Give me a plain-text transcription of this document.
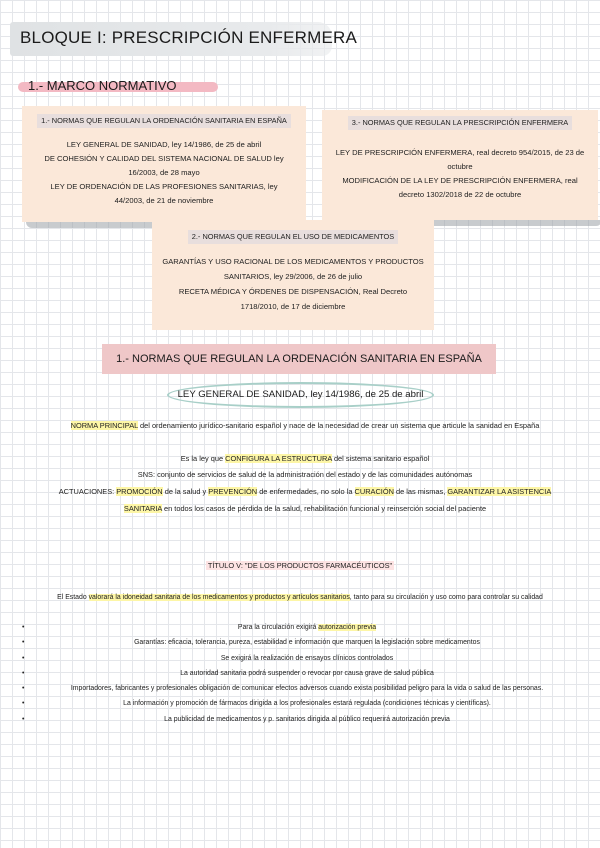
BLOQUE I: PRESCRIPCIÓN ENFERMERA
1.- MARCO NORMATIVO
1.- NORMAS QUE REGULAN LA ORDENACIÓN SANITARIA EN ESPAÑA
LEY GENERAL DE SANIDAD, ley 14/1986, de 25 de abril
DE COHESIÓN Y CALIDAD DEL SISTEMA NACIONAL DE SALUD ley 16/2003, de 28 mayo
LEY DE ORDENACIÓN DE LAS PROFESIONES SANITARIAS, ley 44/2003, de 21 de noviembre
3.- NORMAS QUE REGULAN LA PRESCRIPCIÓN ENFERMERA
LEY DE PRESCRIPCIÓN ENFERMERA, real decreto 954/2015, de 23 de octubre
MODIFICACIÓN DE LA LEY DE PRESCRIPCIÓN ENFERMERA, real decreto 1302/2018 de 22 de octubre
2.- NORMAS QUE REGULAN EL USO DE MEDICAMENTOS
GARANTÍAS Y USO RACIONAL DE LOS MEDICAMENTOS Y PRODUCTOS SANITARIOS, ley 29/2006, de 26 de julio
RECETA MÉDICA Y ÓRDENES DE DISPENSACIÓN, Real Decreto 1718/2010, de 17 de diciembre
1.- NORMAS QUE REGULAN LA ORDENACIÓN SANITARIA EN ESPAÑA
LEY GENERAL DE SANIDAD, ley 14/1986, de 25 de abril
NORMA PRINCIPAL del ordenamiento jurídico-sanitario español y nace de la necesidad de crear un sistema que articule la sanidad en España
Es la ley que CONFIGURA LA ESTRUCTURA del sistema sanitario español
SNS: conjunto de servicios de salud de la administración del estado y de las comunidades autónomas
ACTUACIONES: PROMOCIÓN de la salud y PREVENCIÓN de enfermedades, no solo la CURACIÓN de las mismas, GARANTIZAR LA ASISTENCIA SANITARIA en todos los casos de pérdida de la salud, rehabilitación funcional y reinserción social del paciente
TÍTULO V: "DE LOS PRODUCTOS FARMACÉUTICOS"
El Estado valorará la idoneidad sanitaria de los medicamentos y productos y artículos sanitarios, tanto para su circulación y uso como para controlar su calidad
•	Para la circulación exigirá autorización previa
•	Garantías: eficacia, tolerancia, pureza, estabilidad e información que marquen la legislación sobre medicamentos
•	Se exigirá la realización de ensayos clínicos controlados
•	La autoridad sanitaria podrá suspender o revocar por causa grave de salud pública
•	Importadores, fabricantes y profesionales obligación de comunicar efectos adversos cuando exista posibilidad peligro para la vida o salud de las personas.
•	La información y promoción de fármacos dirigida a los profesionales estará regulada (condiciones técnicas y científicas).
•	La publicidad de medicamentos y p. sanitarios dirigida al público requerirá autorización previa
